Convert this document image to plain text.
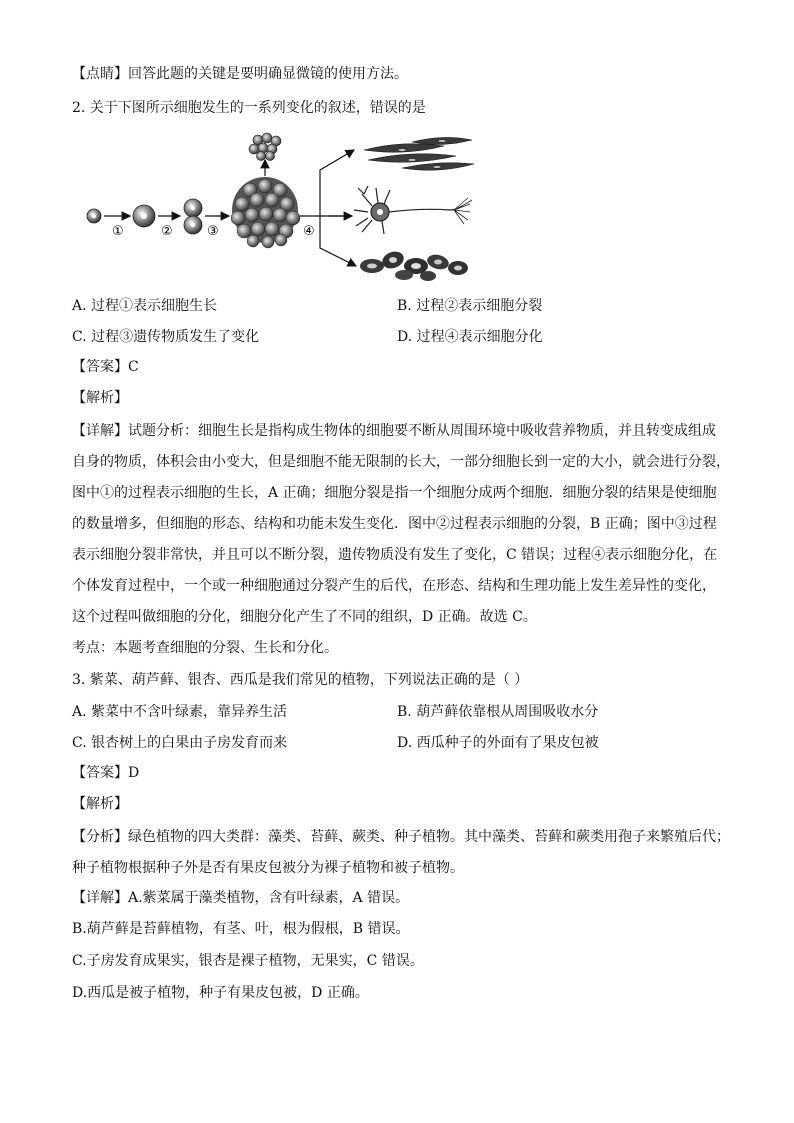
【点睛】回答此题的关键是要明确显微镜的使用方法。
2. 关于下图所示细胞发生的一系列变化的叙述，错误的是
①	②	③	④
A. 过程①表示细胞生长	B. 过程②表示细胞分裂
C. 过程③遗传物质发生了变化	D. 过程④表示细胞分化
【答案】C
【解析】
【详解】试题分析：细胞生长是指构成生物体的细胞要不断从周围环境中吸收营养物质，并且转变成组成
自身的物质，体积会由小变大，但是细胞不能无限制的长大，一部分细胞长到一定的大小，就会进行分裂，
图中①的过程表示细胞的生长，A 正确；细胞分裂是指一个细胞分成两个细胞．细胞分裂的结果是使细胞
的数量增多，但细胞的形态、结构和功能未发生变化．图中②过程表示细胞的分裂，B 正确；图中③过程
表示细胞分裂非常快，并且可以不断分裂，遗传物质没有发生了变化，C 错误；过程④表示细胞分化，在
个体发育过程中，一个或一种细胞通过分裂产生的后代，在形态、结构和生理功能上发生差异性的变化，
这个过程叫做细胞的分化，细胞分化产生了不同的组织，D 正确。故选 C。
考点：本题考查细胞的分裂、生长和分化。
3. 紫菜、葫芦藓、银杏、西瓜是我们常见的植物，下列说法正确的是（ ）
A. 紫菜中不含叶绿素，靠异养生活	B. 葫芦藓依靠根从周围吸收水分
C. 银杏树上的白果由子房发育而来	D. 西瓜种子的外面有了果皮包被
【答案】D
【解析】
【分析】绿色植物的四大类群：藻类、苔藓、蕨类、种子植物。其中藻类、苔藓和蕨类用孢子来繁殖后代；
种子植物根据种子外是否有果皮包被分为裸子植物和被子植物。
【详解】A.紫菜属于藻类植物，含有叶绿素，A 错误。
B.葫芦藓是苔藓植物，有茎、叶，根为假根，B 错误。
C.子房发育成果实，银杏是裸子植物，无果实，C 错误。
D.西瓜是被子植物，种子有果皮包被，D 正确。
